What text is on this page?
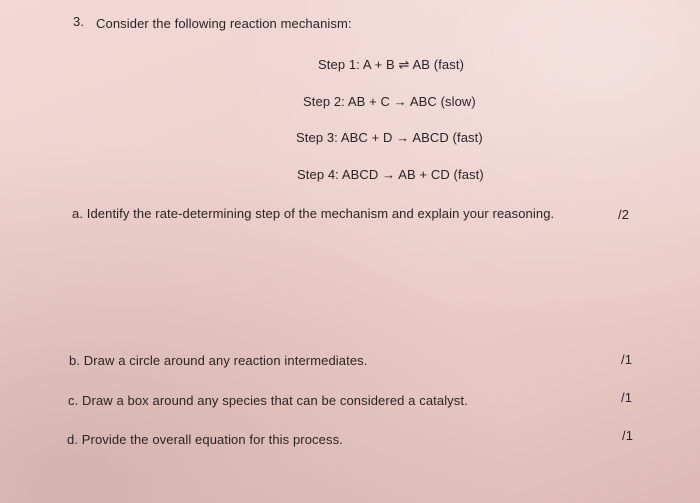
3. Consider the following reaction mechanism:
Step 1: A + B ⇌ AB (fast)
Step 2: AB + C → ABC (slow)
Step 3: ABC + D → ABCD (fast)
Step 4: ABCD → AB + CD (fast)
a. Identify the rate-determining step of the mechanism and explain your reasoning.	/2
b. Draw a circle around any reaction intermediates.	/1
c. Draw a box around any species that can be considered a catalyst.	/1
d. Provide the overall equation for this process.	/1
